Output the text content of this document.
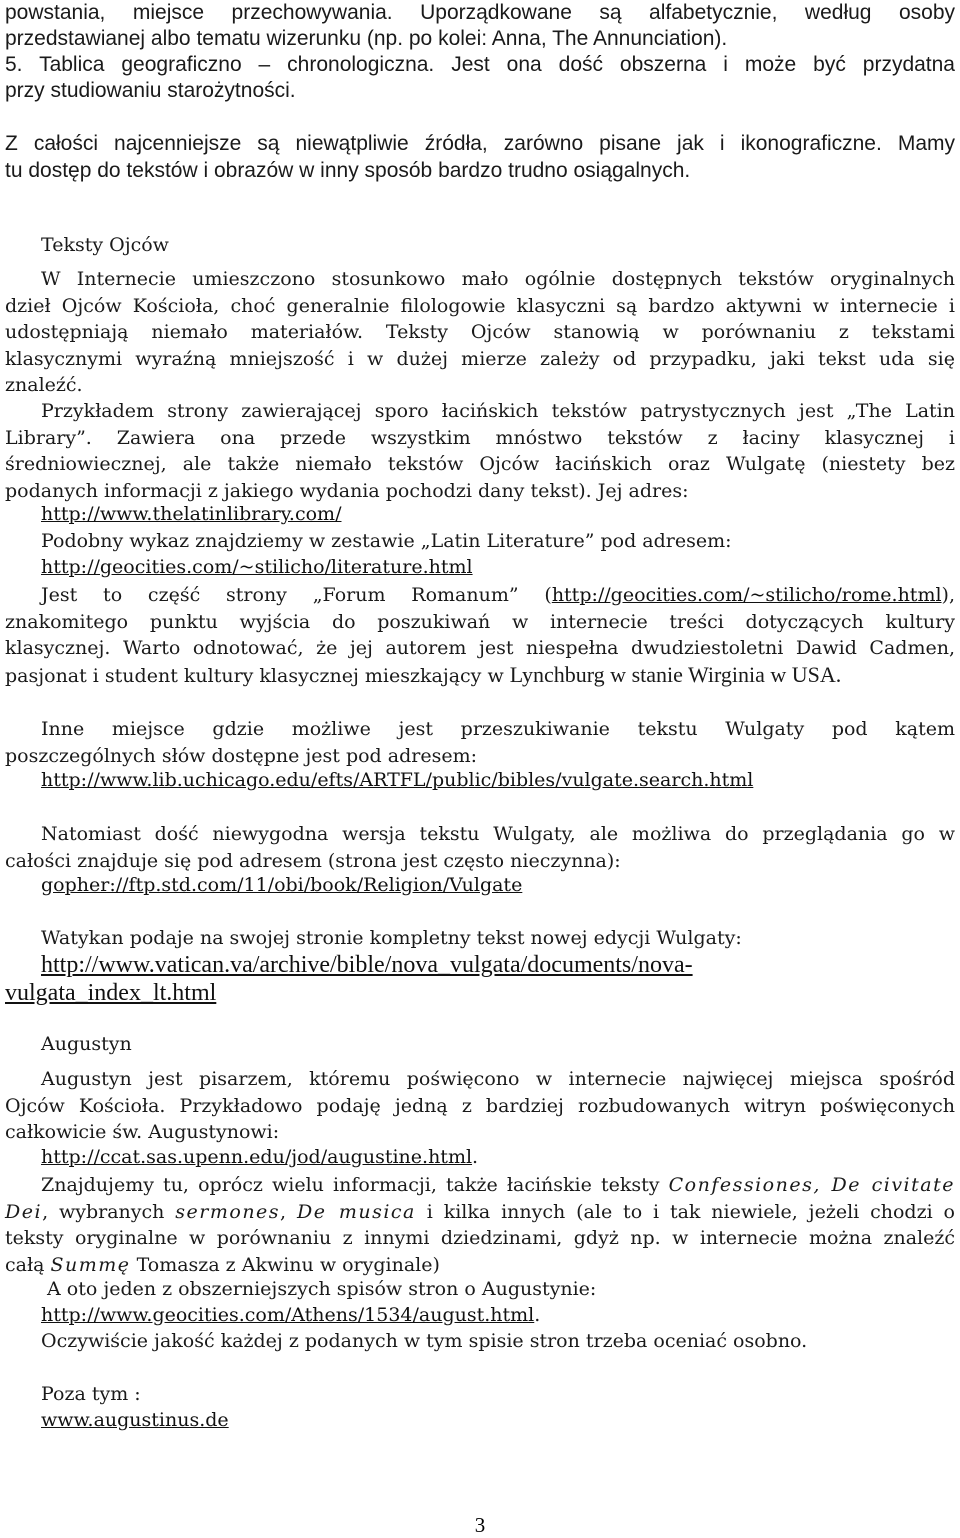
powstania, miejsce przechowywania. Uporządkowane są alfabetycznie, według osoby
przedstawianej albo tematu wizerunku (np. po kolei: Anna, The Annunciation).
5. Tablica geograficzno – chronologiczna. Jest ona dość obszerna i może być przydatna
przy studiowaniu starożytności.
Z całości najcenniejsze są niewątpliwie źródła, zarówno pisane jak i ikonograficzne. Mamy
tu dostęp do tekstów i obrazów w inny sposób bardzo trudno osiągalnych.
Teksty Ojców
W Internecie umieszczono stosunkowo mało ogólnie dostępnych tekstów oryginalnych
dzieł Ojców Kościoła, choć generalnie filologowie klasyczni są bardzo aktywni w internecie i
udostępniają niemało materiałów. Teksty Ojców stanowią w porównaniu z tekstami
klasycznymi wyraźną mniejszość i w dużej mierze zależy od przypadku, jaki tekst uda się
znaleźć.
Przykładem strony zawierającej sporo łacińskich tekstów patrystycznych jest „The Latin
Library”. Zawiera ona przede wszystkim mnóstwo tekstów z łaciny klasycznej i
średniowiecznej, ale także niemało tekstów Ojców łacińskich oraz Wulgatę (niestety bez
podanych informacji z jakiego wydania pochodzi dany tekst). Jej adres:
http://www.thelatinlibrary.com/
Podobny wykaz znajdziemy w zestawie „Latin Literature” pod adresem:
http://geocities.com/~stilicho/literature.html
Jest to część strony „Forum Romanum” (http://geocities.com/~stilicho/rome.html),
znakomitego punktu wyjścia do poszukiwań w internecie treści dotyczących kultury
klasycznej. Warto odnotować, że jej autorem jest niespełna dwudziestoletni Dawid Cadmen,
pasjonat i student kultury klasycznej mieszkający w Lynchburg w stanie Wirginia w USA.
Inne miejsce gdzie możliwe jest przeszukiwanie tekstu Wulgaty pod kątem
poszczególnych słów dostępne jest pod adresem:
http://www.lib.uchicago.edu/efts/ARTFL/public/bibles/vulgate.search.html
Natomiast dość niewygodna wersja tekstu Wulgaty, ale możliwa do przeglądania go w
całości znajduje się pod adresem (strona jest często nieczynna):
gopher://ftp.std.com/11/obi/book/Religion/Vulgate
Watykan podaje na swojej stronie kompletny tekst nowej edycji Wulgaty:
http://www.vatican.va/archive/bible/nova_vulgata/documents/nova-
vulgata_index_lt.html
Augustyn
Augustyn jest pisarzem, któremu poświęcono w internecie najwięcej miejsca spośród
Ojców Kościoła. Przykładowo podaję jedną z bardziej rozbudowanych witryn poświęconych
całkowicie św. Augustynowi:
http://ccat.sas.upenn.edu/jod/augustine.html.
Znajdujemy tu, oprócz wielu informacji, także łacińskie teksty Confessiones, De civitate
Dei, wybranych sermones, De musica i kilka innych (ale to i tak niewiele, jeżeli chodzi o
teksty oryginalne w porównaniu z innymi dziedzinami, gdyż np. w internecie można znaleźć
całą Summę Tomasza z Akwinu w oryginale)
A oto jeden z obszerniejszych spisów stron o Augustynie:
http://www.geocities.com/Athens/1534/august.html.
Oczywiście jakość każdej z podanych w tym spisie stron trzeba oceniać osobno.
Poza tym :
www.augustinus.de
3
